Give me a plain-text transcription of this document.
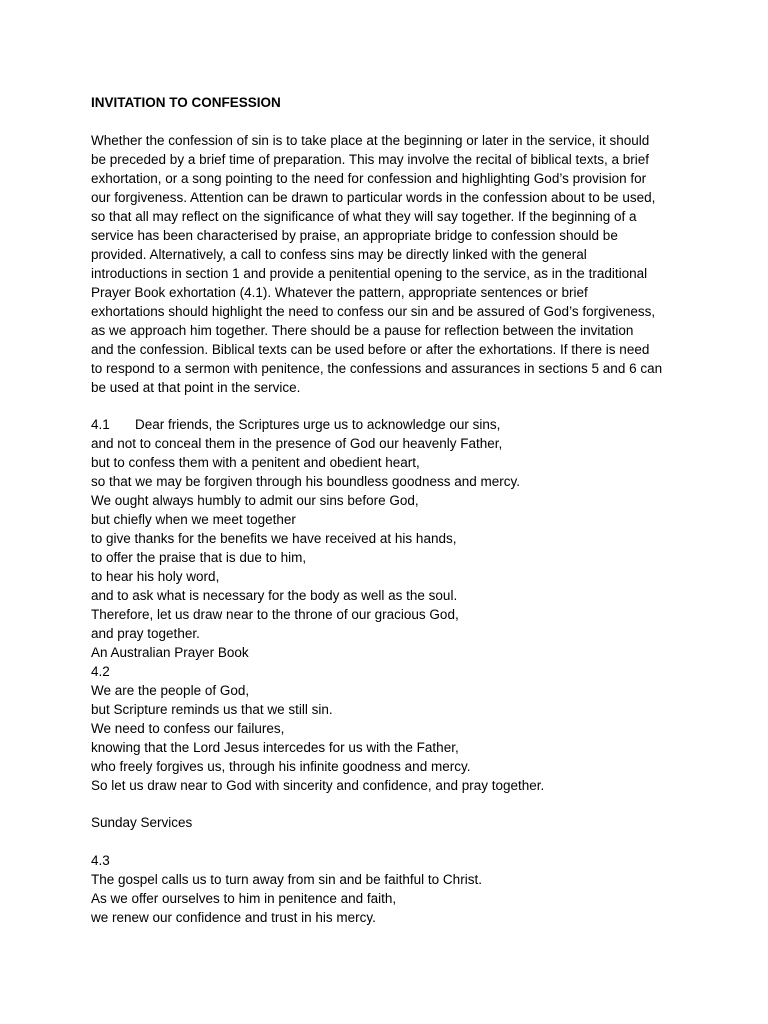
INVITATION TO CONFESSION
Whether the confession of sin is to take place at the beginning or later in the service, it should
be preceded by a brief time of preparation. This may involve the recital of biblical texts, a brief
exhortation, or a song pointing to the need for confession and highlighting God’s provision for
our forgiveness. Attention can be drawn to particular words in the confession about to be used,
so that all may reflect on the significance of what they will say together. If the beginning of a
service has been characterised by praise, an appropriate bridge to confession should be
provided. Alternatively, a call to confess sins may be directly linked with the general
introductions in section 1 and provide a penitential opening to the service, as in the traditional
Prayer Book exhortation (4.1). Whatever the pattern, appropriate sentences or brief
exhortations should highlight the need to confess our sin and be assured of God’s forgiveness,
as we approach him together. There should be a pause for reflection between the invitation
and the confession. Biblical texts can be used before or after the exhortations. If there is need
to respond to a sermon with penitence, the confessions and assurances in sections 5 and 6 can
be used at that point in the service.
4.1 Dear friends, the Scriptures urge us to acknowledge our sins,
and not to conceal them in the presence of God our heavenly Father,
but to confess them with a penitent and obedient heart,
so that we may be forgiven through his boundless goodness and mercy.
We ought always humbly to admit our sins before God,
but chiefly when we meet together
to give thanks for the benefits we have received at his hands,
to offer the praise that is due to him,
to hear his holy word,
and to ask what is necessary for the body as well as the soul.
Therefore, let us draw near to the throne of our gracious God,
and pray together.
An Australian Prayer Book
4.2
We are the people of God,
but Scripture reminds us that we still sin.
We need to confess our failures,
knowing that the Lord Jesus intercedes for us with the Father,
who freely forgives us, through his infinite goodness and mercy.
So let us draw near to God with sincerity and confidence, and pray together.
Sunday Services
4.3
The gospel calls us to turn away from sin and be faithful to Christ.
As we offer ourselves to him in penitence and faith,
we renew our confidence and trust in his mercy.
